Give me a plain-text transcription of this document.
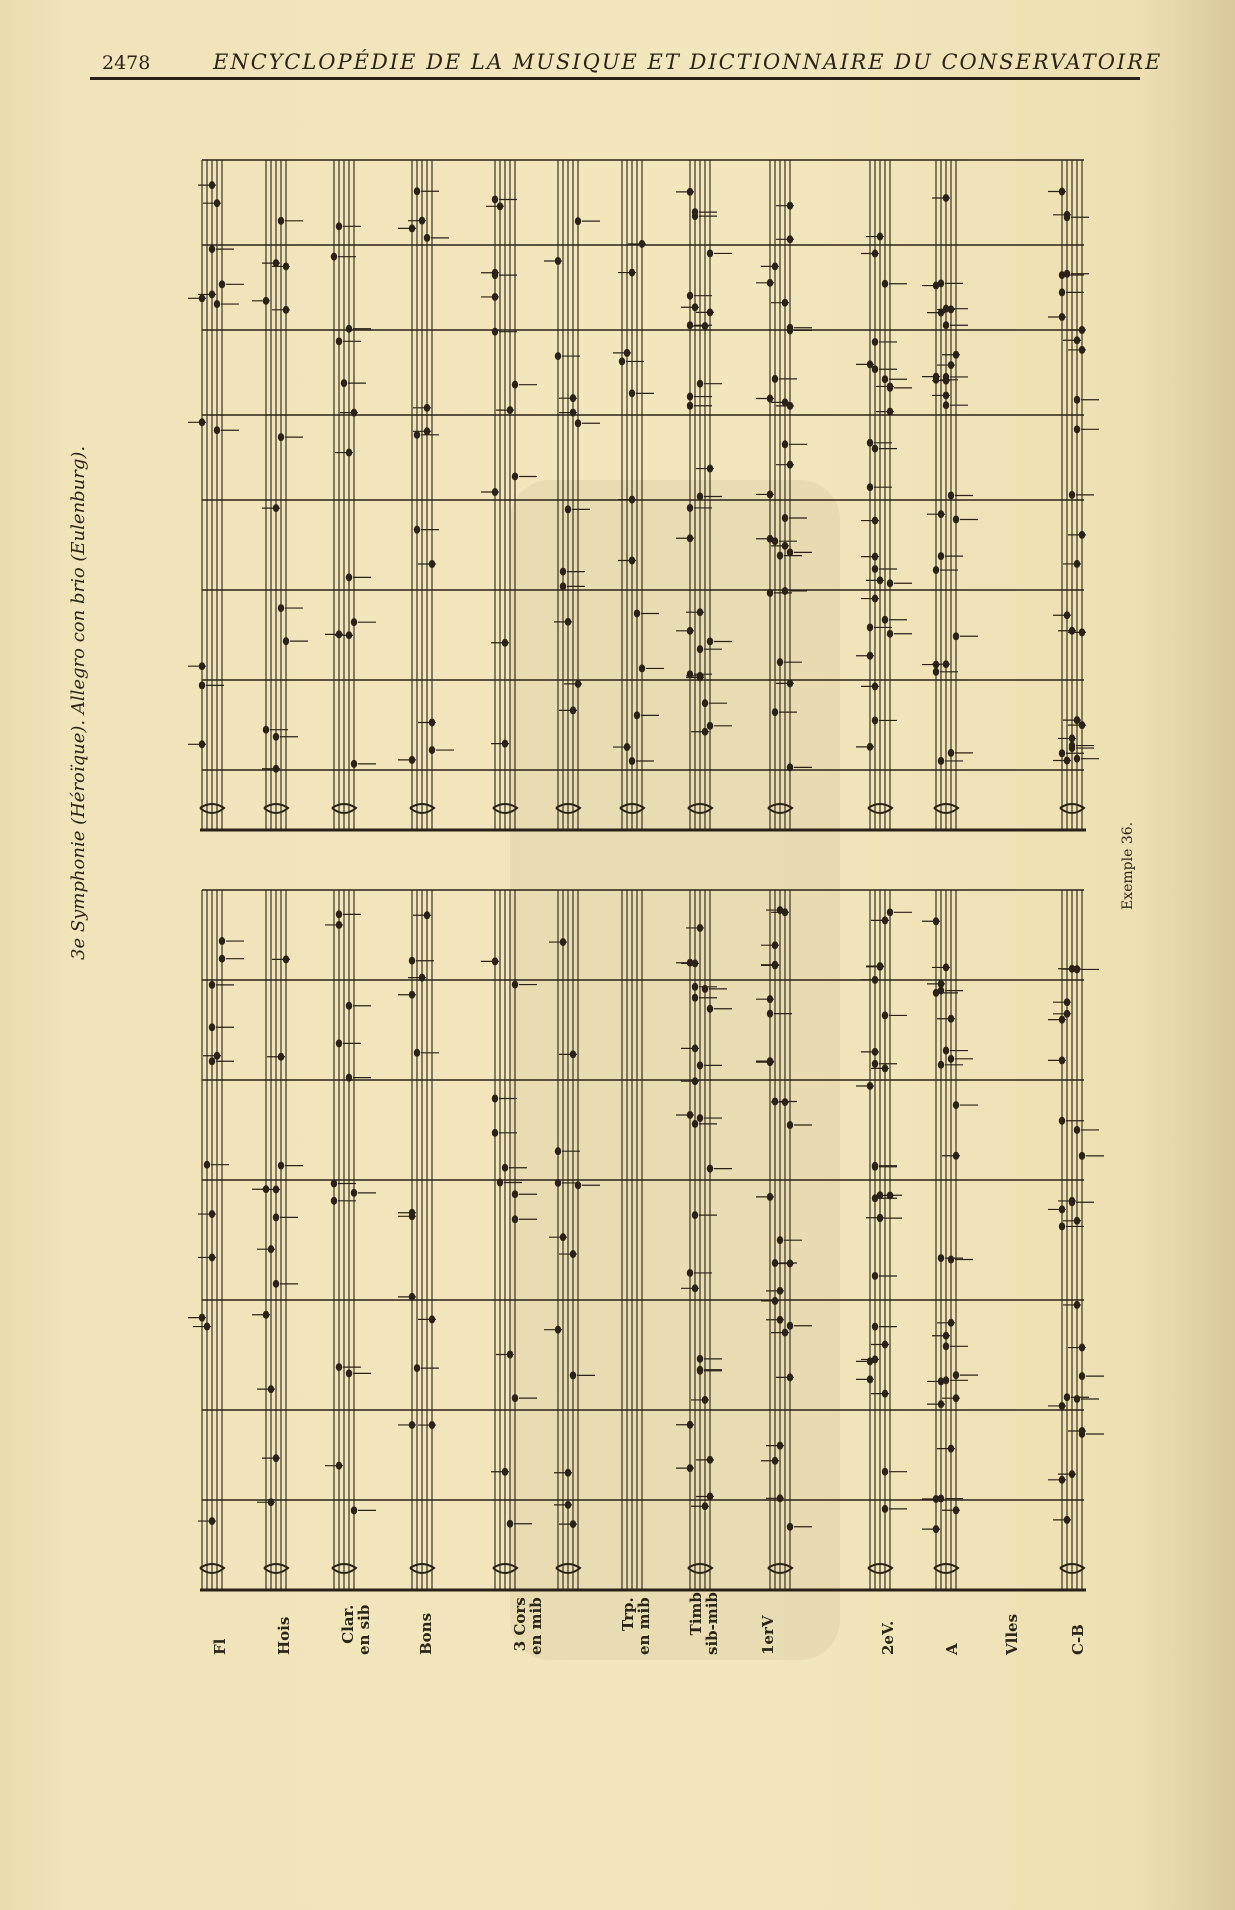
2478	ENCYCLOPÉDIE DE LA MUSIQUE ET DICTIONNAIRE DU CONSERVATOIRE
3e Symphonie (Héroïque). Allegro con brio (Eulenburg).	Exemple 36.
Fl	Hois	Clar.
en sib	Bons	3 Cors
en mib	Trp.
en mib Timb
sib-mib	1erV	2eV.	A	Vlles	C-B
